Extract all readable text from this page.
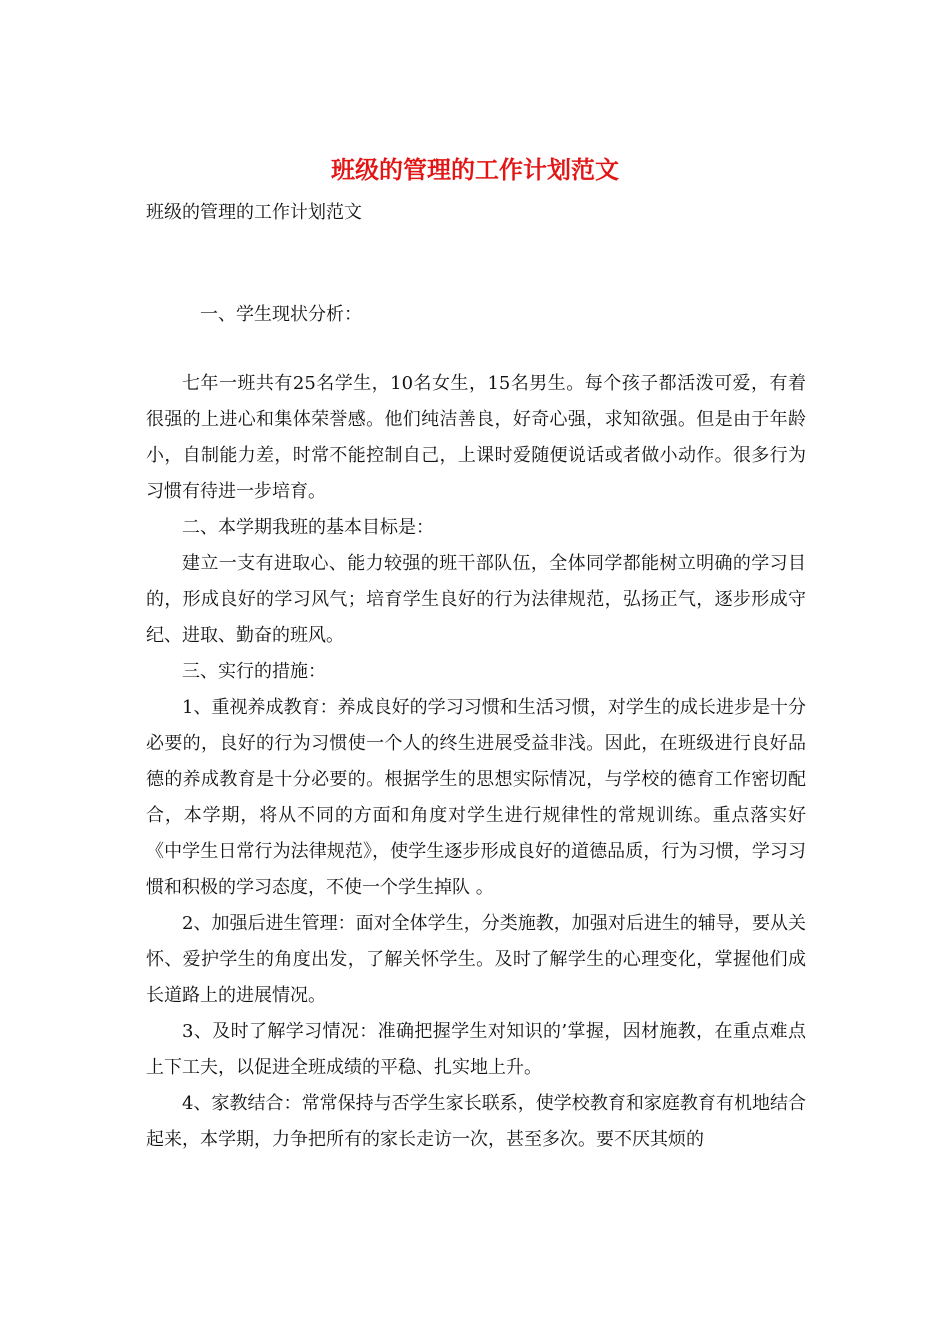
班级的管理的工作计划范文
班级的管理的工作计划范文
一、学生现状分析：

七年一班共有25名学生，10名女生，15名男生。每个孩子都活泼可爱，有着很强的上进心和集体荣誉感。他们纯洁善良，好奇心强，求知欲强。但是由于年龄小，自制能力差，时常不能控制自己，上课时爱随便说话或者做小动作。很多行为习惯有待进一步培育。

二、本学期我班的基本目标是：

建立一支有进取心、能力较强的班干部队伍，全体同学都能树立明确的学习目的，形成良好的学习风气；培育学生良好的行为法律规范，弘扬正气，逐步形成守纪、进取、勤奋的班风。

三、实行的措施：

1、重视养成教育：养成良好的学习习惯和生活习惯，对学生的成长进步是十分必要的，良好的行为习惯使一个人的终生进展受益非浅。因此，在班级进行良好品德的养成教育是十分必要的。根据学生的思想实际情况，与学校的德育工作密切配合，本学期，将从不同的方面和角度对学生进行规律性的常规训练。重点落实好《中学生日常行为法律规范》，使学生逐步形成良好的道德品质，行为习惯，学习习惯和积极的学习态度，不使一个学生掉队 。

2、加强后进生管理：面对全体学生，分类施教，加强对后进生的辅导，要从关怀、爱护学生的角度出发，了解关怀学生。及时了解学生的心理变化，掌握他们成长道路上的进展情况。

3、及时了解学习情况：准确把握学生对知识的’掌握，因材施教，在重点难点上下工夫，以促进全班成绩的平稳、扎实地上升。

4、家教结合：常常保持与否学生家长联系，使学校教育和家庭教育有机地结合起来，本学期，力争把所有的家长走访一次，甚至多次。要不厌其烦的
